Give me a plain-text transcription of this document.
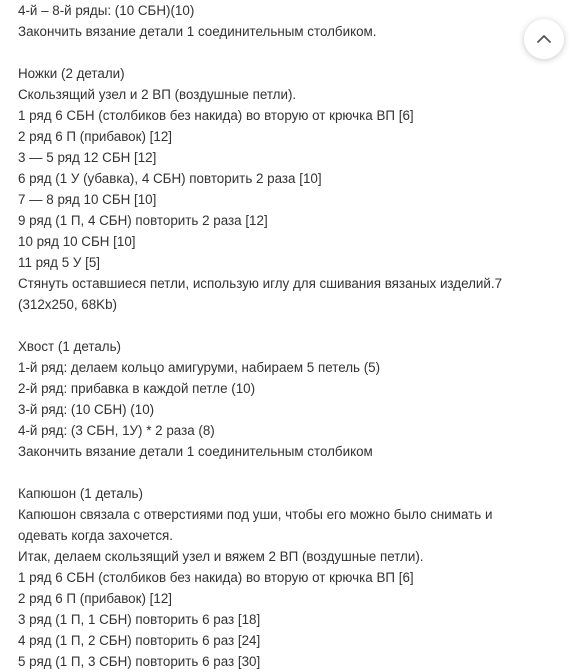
4-й – 8-й ряды: (10 СБН)(10)
Закончить вязание детали 1 соединительным столбиком.
Ножки (2 детали)
Скользящий узел и 2 ВП (воздушные петли).
1 ряд 6 СБН (столбиков без накида) во вторую от крючка ВП [6]
2 ряд 6 П (прибавок) [12]
3 — 5 ряд 12 СБН [12]
6 ряд (1 У (убавка), 4 СБН) повторить 2 раза [10]
7 — 8 ряд 10 СБН [10]
9 ряд (1 П, 4 СБН) повторить 2 раза [12]
10 ряд 10 СБН [10]
11 ряд 5 У [5]
Стянуть оставшиеся петли, использую иглу для сшивания вязаных изделий.7
(312x250, 68Kb)
Хвост (1 деталь)
1-й ряд: делаем кольцо амигуруми, набираем 5 петель (5)
2-й ряд: прибавка в каждой петле (10)
3-й ряд: (10 СБН) (10)
4-й ряд: (3 СБН, 1У) * 2 раза (8)
Закончить вязание детали 1 соединительным столбиком
Капюшон (1 деталь)
Капюшон связала с отверстиями под уши, чтобы его можно было снимать и
одевать когда захочется.
Итак, делаем скользящий узел и вяжем 2 ВП (воздушные петли).
1 ряд 6 СБН (столбиков без накида) во вторую от крючка ВП [6]
2 ряд 6 П (прибавок) [12]
3 ряд (1 П, 1 СБН) повторить 6 раз [18]
4 ряд (1 П, 2 СБН) повторить 6 раз [24]
5 ряд (1 П, 3 СБН) повторить 6 раз [30]
